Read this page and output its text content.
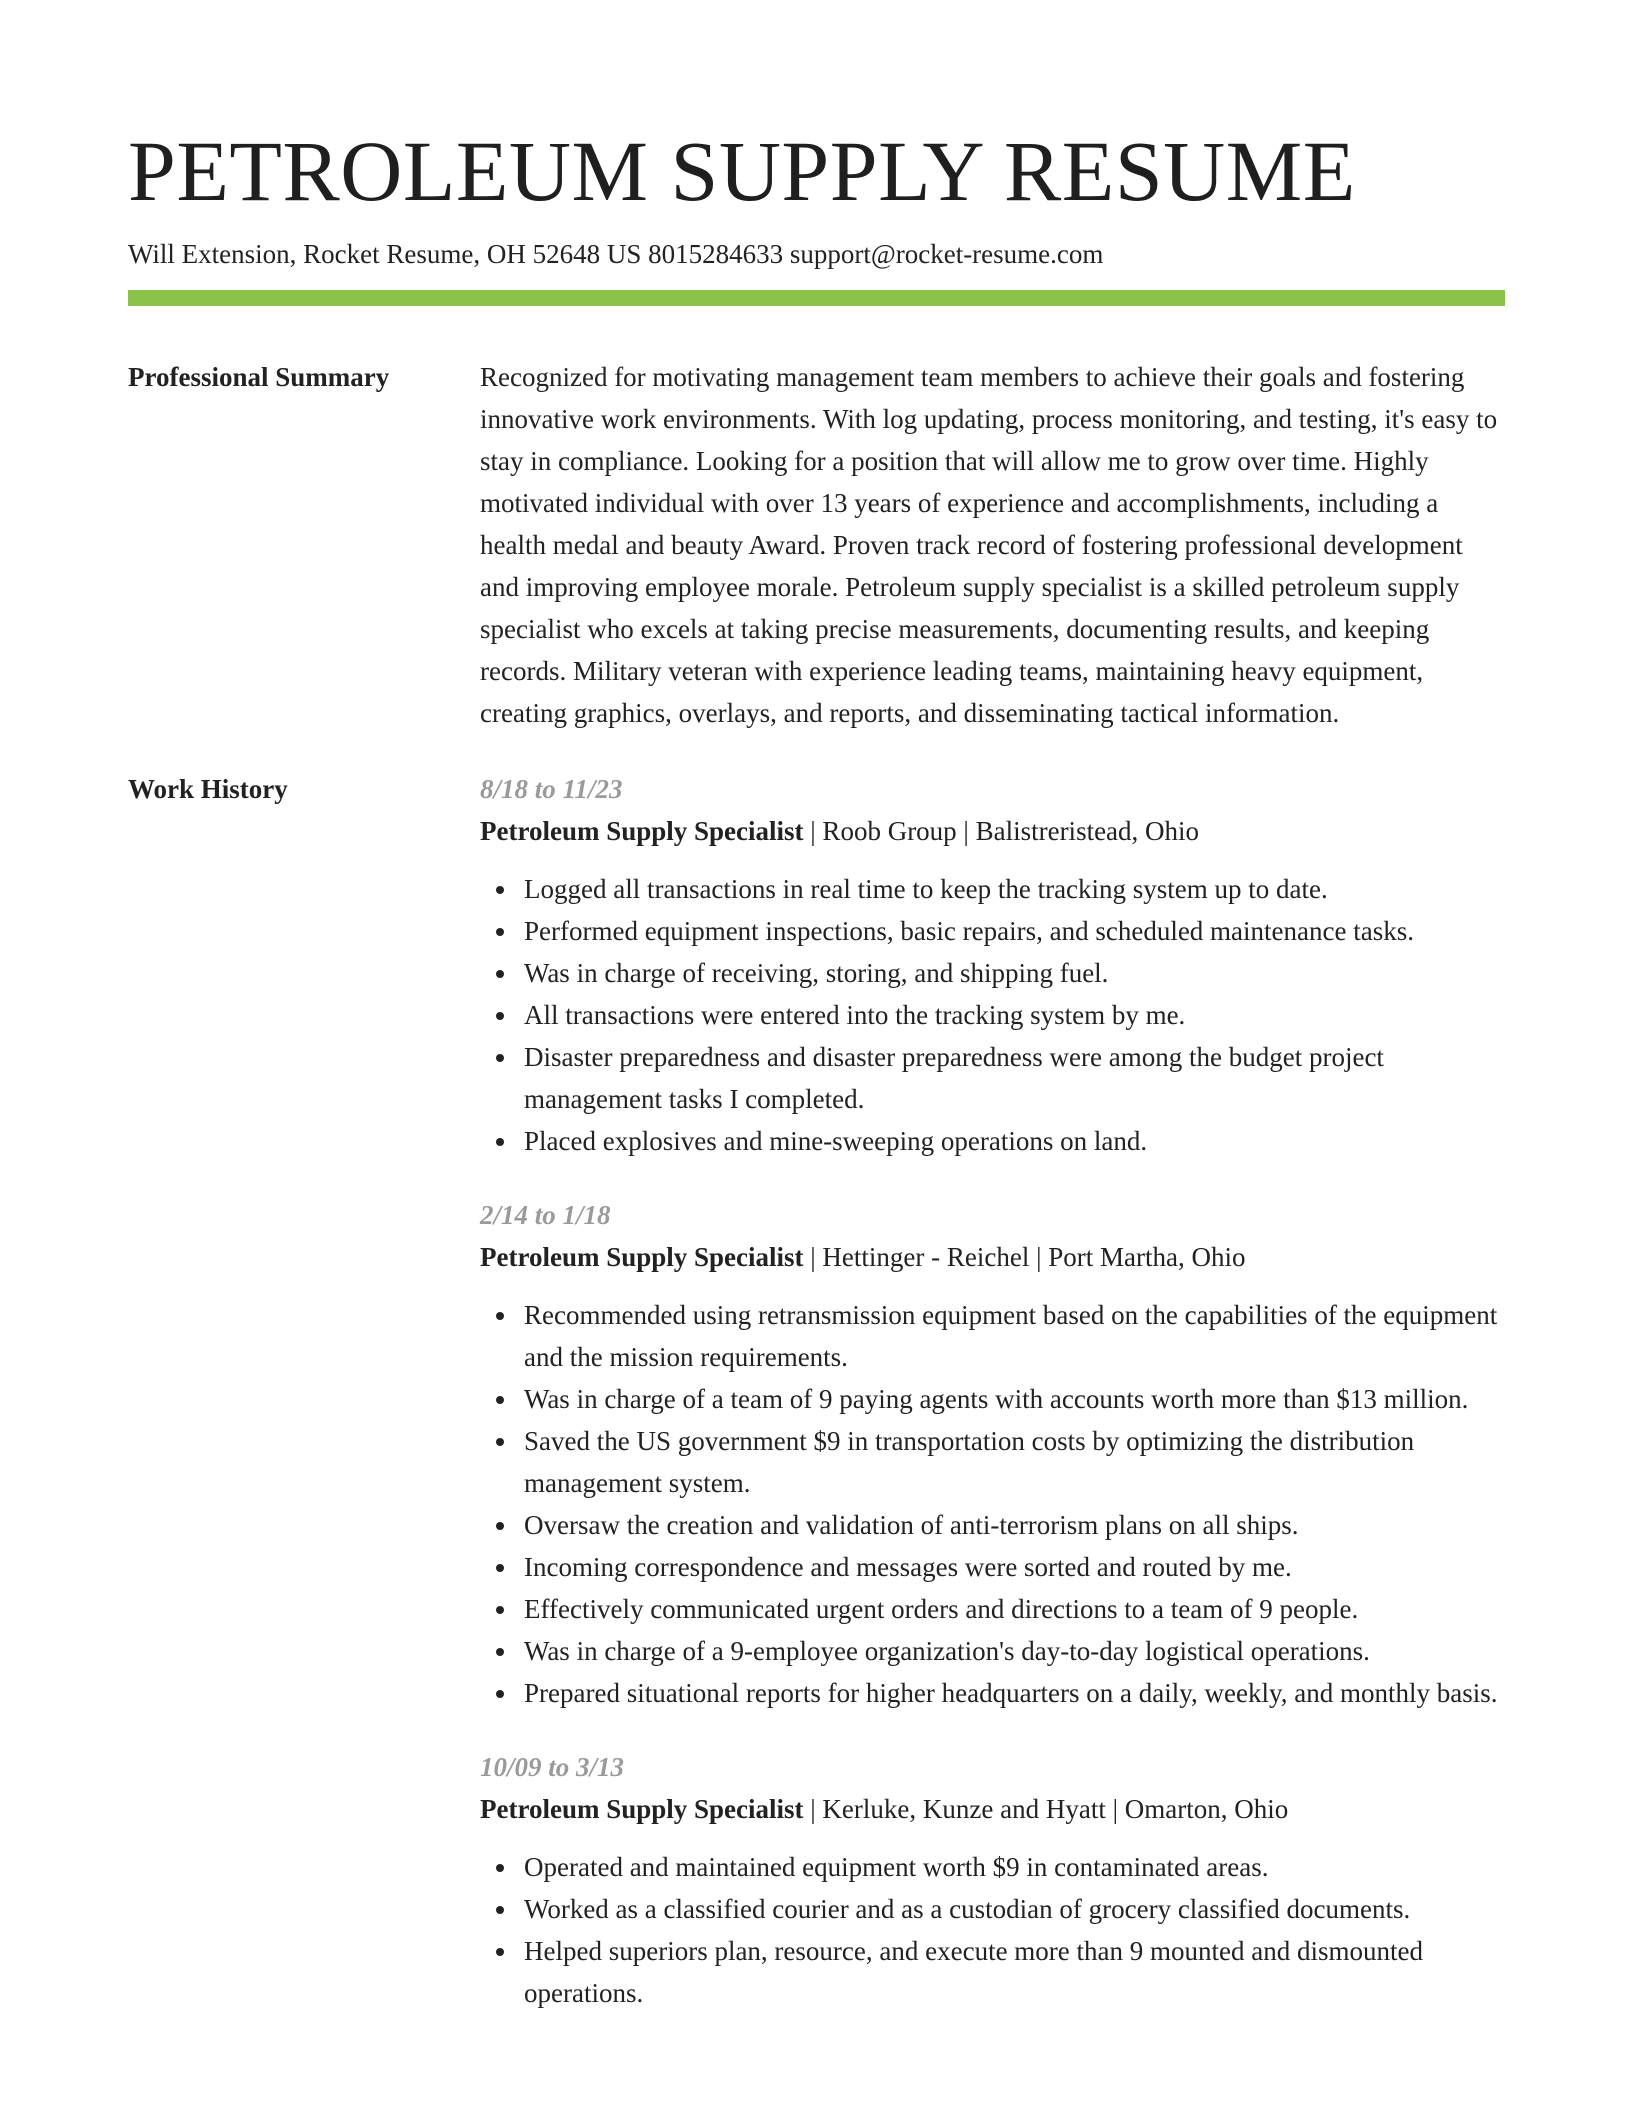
PETROLEUM SUPPLY RESUME
Will Extension, Rocket Resume, OH 52648 US 8015284633 support@rocket-resume.com
Professional Summary	Recognized for motivating management team members to achieve their goals and fostering innovative work environments. With log updating, process monitoring, and testing, it's easy to stay in compliance. Looking for a position that will allow me to grow over time. Highly motivated individual with over 13 years of experience and accomplishments, including a health medal and beauty Award. Proven track record of fostering professional development and improving employee morale. Petroleum supply specialist is a skilled petroleum supply specialist who excels at taking precise measurements, documenting results, and keeping records. Military veteran with experience leading teams, maintaining heavy equipment, creating graphics, overlays, and reports, and disseminating tactical information.

Work History	8/18 to 11/23
Petroleum Supply Specialist | Roob Group | Balistreristead, Ohio
Logged all transactions in real time to keep the tracking system up to date.
Performed equipment inspections, basic repairs, and scheduled maintenance tasks.
Was in charge of receiving, storing, and shipping fuel.
All transactions were entered into the tracking system by me.
Disaster preparedness and disaster preparedness were among the budget project management tasks I completed.
Placed explosives and mine-sweeping operations on land.
2/14 to 1/18
Petroleum Supply Specialist | Hettinger - Reichel | Port Martha, Ohio
Recommended using retransmission equipment based on the capabilities of the equipment and the mission requirements.
Was in charge of a team of 9 paying agents with accounts worth more than $13 million.
Saved the US government $9 in transportation costs by optimizing the distribution management system.
Oversaw the creation and validation of anti-terrorism plans on all ships.
Incoming correspondence and messages were sorted and routed by me.
Effectively communicated urgent orders and directions to a team of 9 people.
Was in charge of a 9-employee organization's day-to-day logistical operations.
Prepared situational reports for higher headquarters on a daily, weekly, and monthly basis.
10/09 to 3/13
Petroleum Supply Specialist | Kerluke, Kunze and Hyatt | Omarton, Ohio
Operated and maintained equipment worth $9 in contaminated areas.
Worked as a classified courier and as a custodian of grocery classified documents.
Helped superiors plan, resource, and execute more than 9 mounted and dismounted operations.
